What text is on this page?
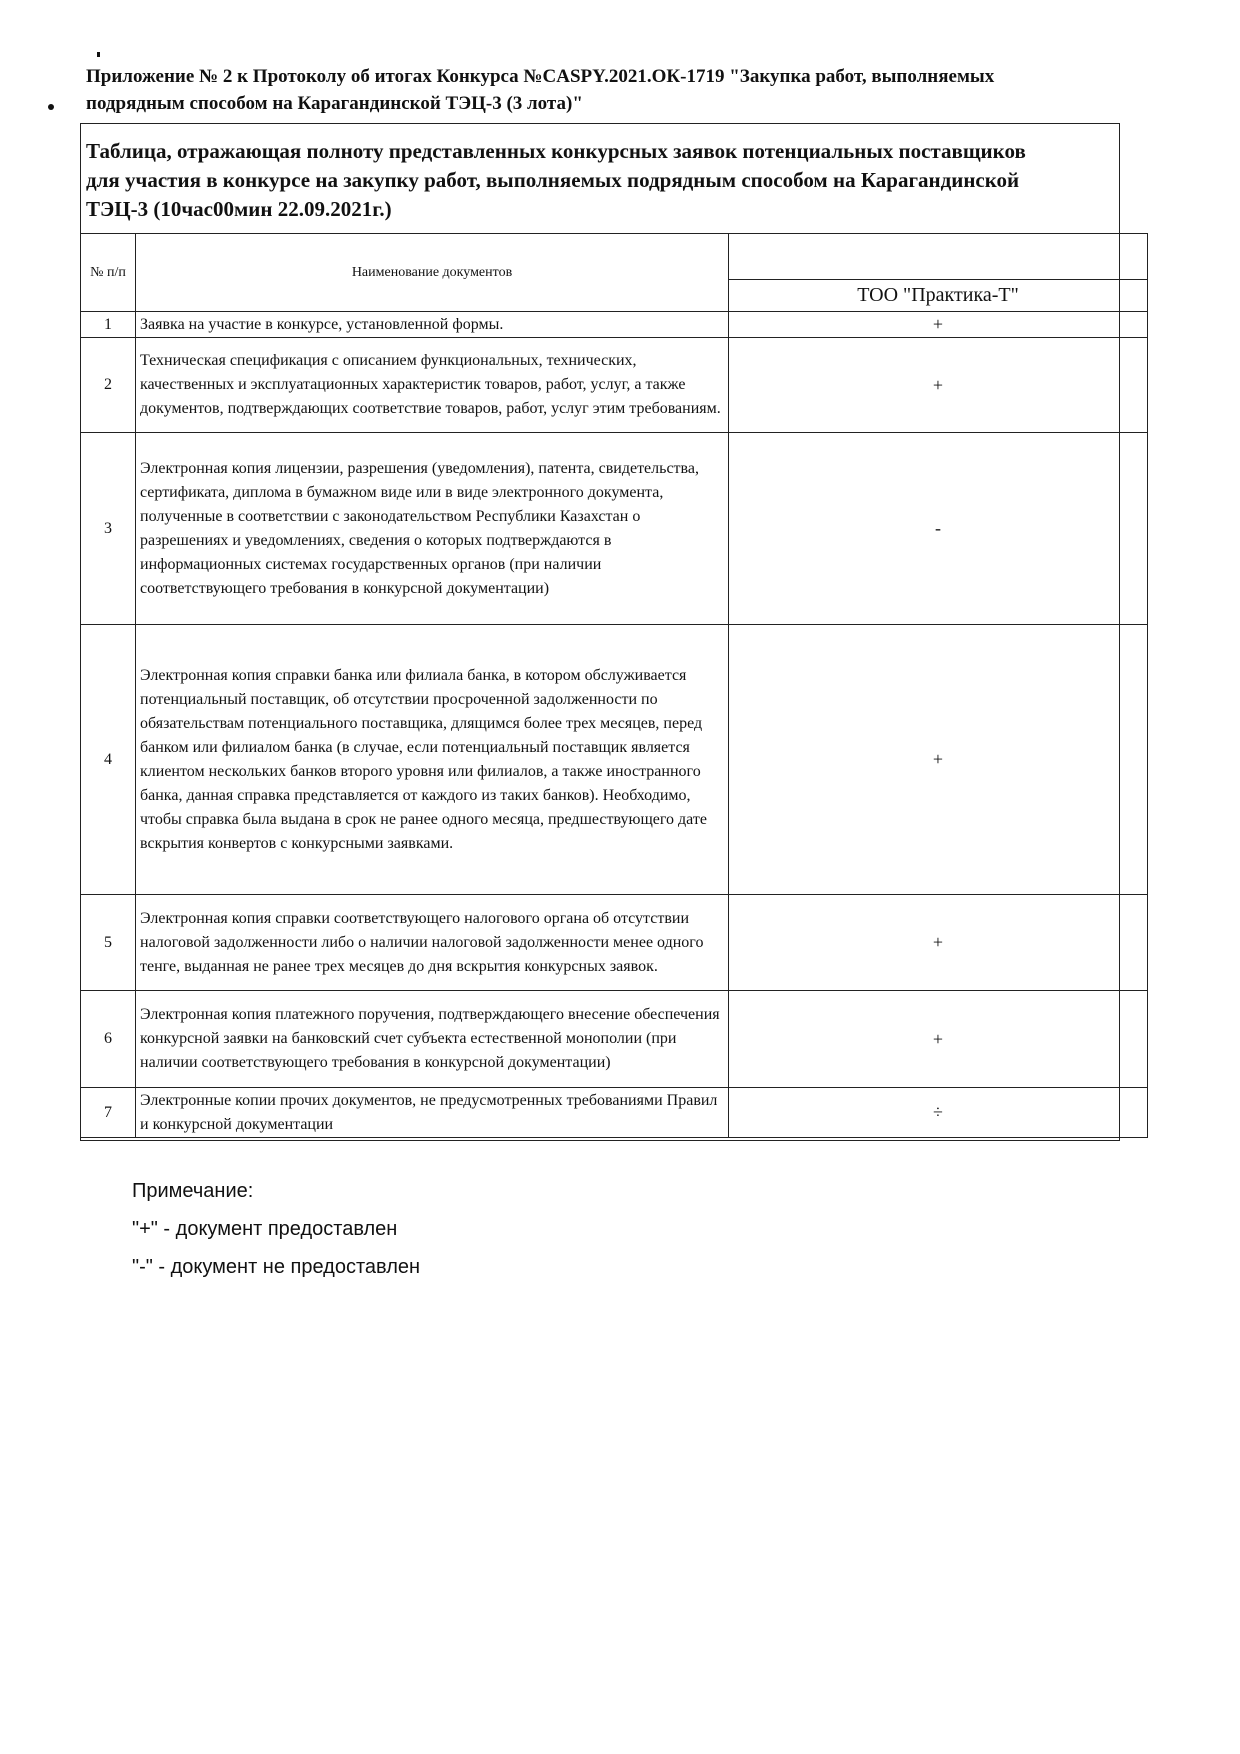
Приложение № 2 к Протоколу об итогах Конкурса №CASPY.2021.ОК-1719 "Закупка работ, выполняемых
подрядным способом на Карагандинской ТЭЦ-3 (3 лота)"
Таблица, отражающая полноту представленных конкурсных заявок потенциальных поставщиков
для участия в конкурсе на закупку работ, выполняемых подрядным способом на Карагандинской
ТЭЦ-3 (10час00мин 22.09.2021г.)
№ п/п	Наименование документов	
		ТОО "Практика-Т"
1	Заявка на участие в конкурсе, установленной формы.	+
2	Техническая спецификация с описанием функциональных, технических, качественных и эксплуатационных характеристик товаров, работ, услуг, а также документов, подтверждающих соответствие товаров, работ, услуг этим требованиям.	+
3	Электронная копия лицензии, разрешения (уведомления), патента, свидетельства, сертификата, диплома в бумажном виде или в виде электронного документа, полученные в соответствии с законодательством Республики Казахстан о разрешениях и уведомлениях, сведения о которых подтверждаются в информационных системах государственных органов (при наличии соответствующего требования в конкурсной документации)	-
4	Электронная копия справки банка или филиала банка, в котором обслуживается потенциальный поставщик, об отсутствии просроченной задолженности по обязательствам потенциального поставщика, длящимся более трех месяцев, перед банком или филиалом банка (в случае, если потенциальный поставщик является клиентом нескольких банков второго уровня или филиалов, а также иностранного банка, данная справка представляется от каждого из таких банков). Необходимо, чтобы справка была выдана в срок не ранее одного месяца, предшествующего дате вскрытия конвертов с конкурсными заявками.	+
5	Электронная копия справки соответствующего налогового органа об отсутствии налоговой задолженности либо о наличии налоговой задолженности менее одного тенге, выданная не ранее трех месяцев до дня вскрытия конкурсных заявок.	+
6	Электронная копия платежного поручения, подтверждающего внесение обеспечения конкурсной заявки на банковский счет субъекта естественной монополии (при наличии соответствующего требования в конкурсной документации)	+
7	Электронные копии прочих документов, не предусмотренных требованиями Правил и конкурсной документации	÷
Примечание:
"+" - документ предоставлен
"-" - документ не предоставлен
